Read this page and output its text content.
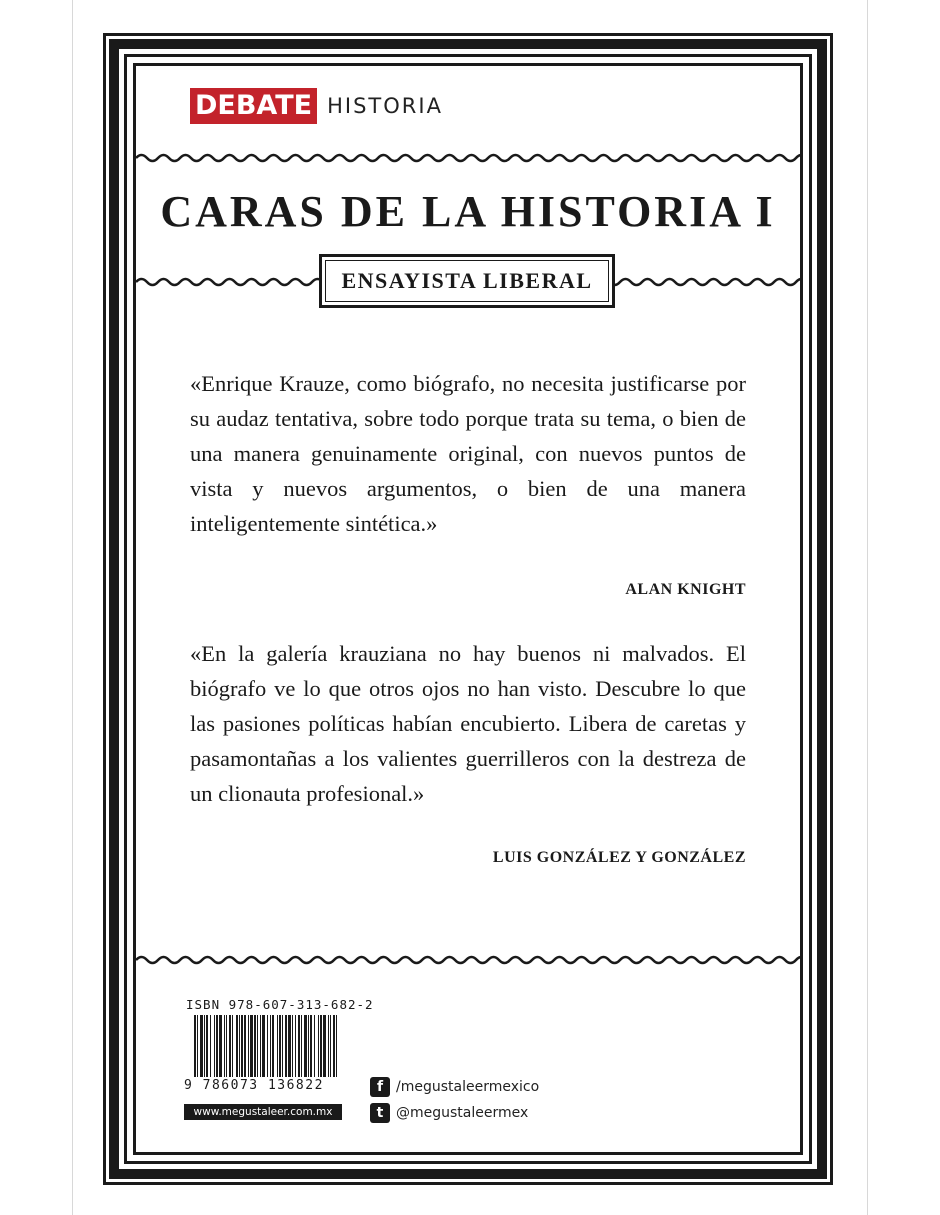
DEBATE HISTORIA
CARAS DE LA HISTORIA I
ENSAYISTA LIBERAL
«Enrique Krauze, como biógrafo, no necesita justificarse por su audaz tentativa, sobre todo porque trata su tema, o bien de una manera genuinamente original, con nuevos puntos de vista y nuevos argumentos, o bien de una manera inteligentemente sintética.»
ALAN KNIGHT
«En la galería krauziana no hay buenos ni malvados. El biógrafo ve lo que otros ojos no han visto. Descubre lo que las pasiones políticas habían encubierto. Libera de caretas y pasamontañas a los valientes guerrilleros con la destreza de un clionauta profesional.»
LUIS GONZÁLEZ Y GONZÁLEZ
ISBN 978-607-313-682-2
9 786073 136822
www.megustaleer.com.mx
f /megustaleermexico
t @megustaleermex
